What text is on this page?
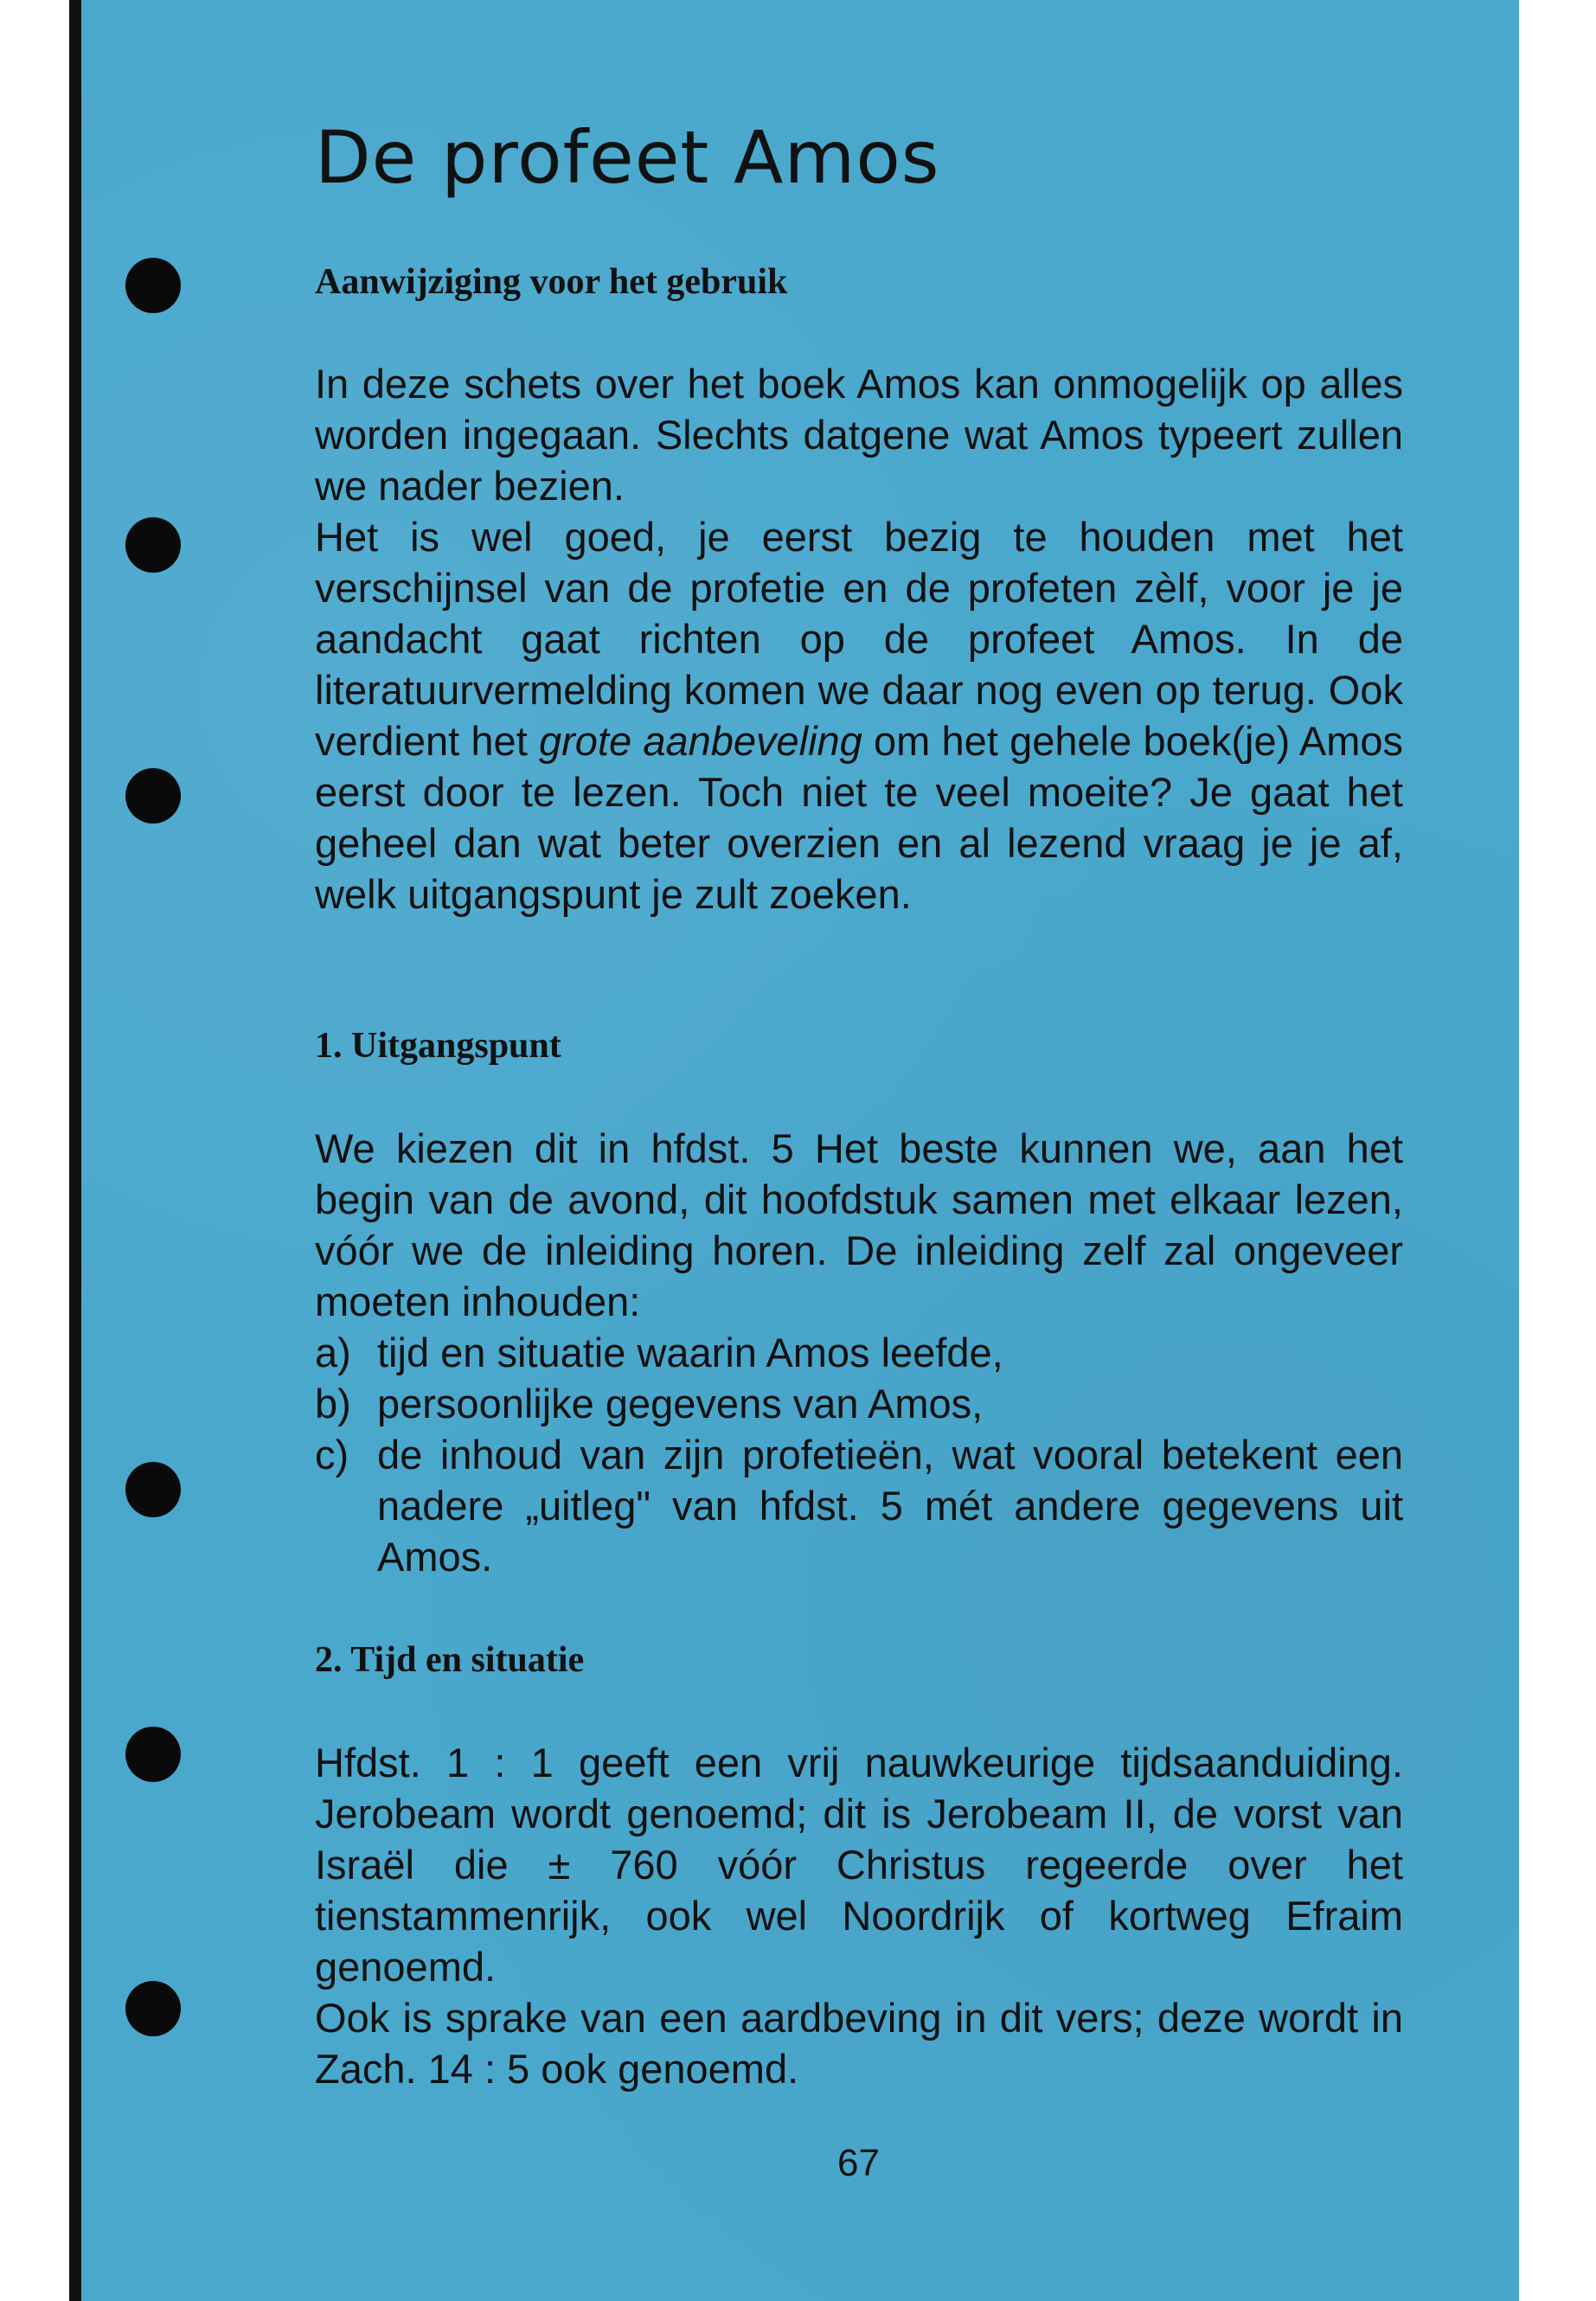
De profeet Amos
Aanwijziging voor het gebruik

In deze schets over het boek Amos kan onmogelijk op alles worden ingegaan. Slechts datgene wat Amos typeert zullen we nader bezien.

Het is wel goed, je eerst bezig te houden met het verschijnsel van de profetie en de profeten zèlf, voor je je aandacht gaat richten op de profeet Amos. In de literatuurvermelding komen we daar nog even op terug. Ook verdient het grote aanbeveling om het gehele boek(je) Amos eerst door te lezen. Toch niet te veel moeite? Je gaat het geheel dan wat beter overzien en al lezend vraag je je af, welk uitgangspunt je zult zoeken.

1. Uitgangspunt

We kiezen dit in hfdst. 5 Het beste kunnen we, aan het begin van de avond, dit hoofdstuk samen met elkaar lezen, vóór we de inleiding horen. De inleiding zelf zal ongeveer moeten inhouden:

a) tijd en situatie waarin Amos leefde,
b) persoonlijke gegevens van Amos,
c) de inhoud van zijn profetieën, wat vooral betekent een nadere „uitleg" van hfdst. 5 mét andere gegevens uit Amos.
2. Tijd en situatie

Hfdst. 1 : 1 geeft een vrij nauwkeurige tijdsaanduiding. Jerobeam wordt genoemd; dit is Jerobeam II, de vorst van Israël die ± 760 vóór Christus regeerde over het tienstammenrijk, ook wel Noordrijk of kortweg Efraim genoemd.

Ook is sprake van een aardbeving in dit vers; deze wordt in Zach. 14 : 5 ook genoemd.

67
